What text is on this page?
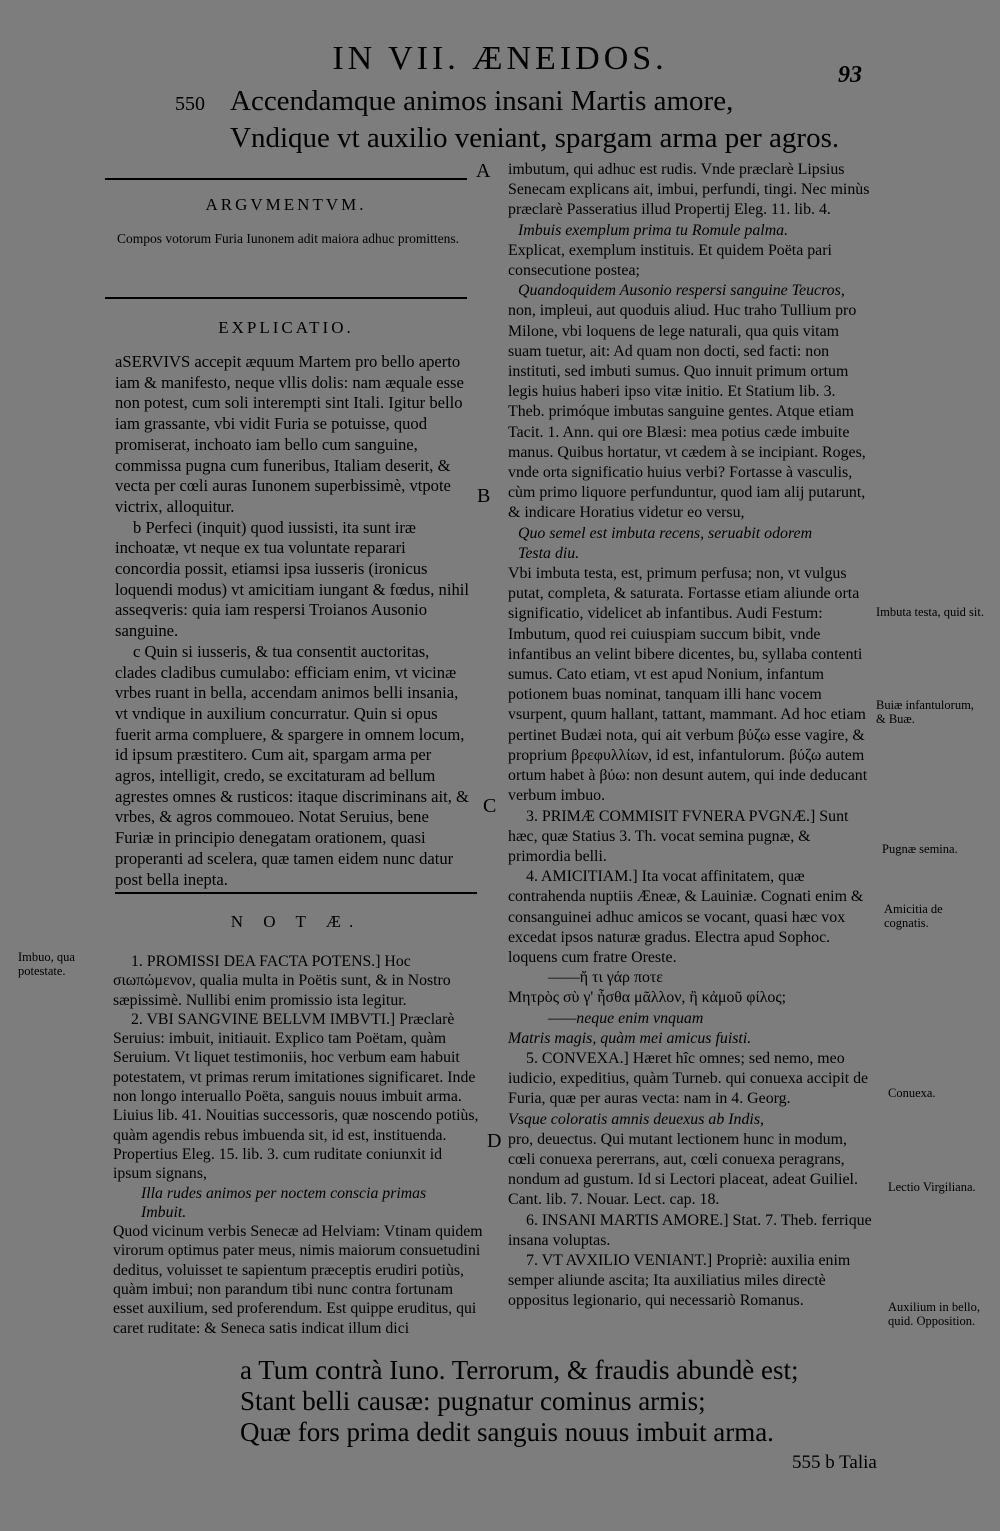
IN VII. ÆNEIDOS.	93
550 Accendamque animos insani Martis amore,
Vndique vt auxilio veniant, spargam arma per agros.
ARGVMENTVM.
Compos votorum Furia Iunonem adit maiora adhuc promittens.
EXPLICATIO.

aSERVIVS accepit æquum Martem pro bello aperto iam & manifesto, neque vllis dolis: nam æquale esse non potest, cum soli interempti sint Itali. Igitur bello iam grassante, vbi vidit Furia se potuisse, quod promiserat, inchoato iam bello cum sanguine, commissa pugna cum funeribus, Italiam deserit, & vecta per cœli auras Iunonem superbissimè, vtpote victrix, alloquitur.

b Perfeci (inquit) quod iussisti, ita sunt iræ inchoatæ, vt neque ex tua voluntate reparari concordia possit, etiamsi ipsa iusseris (ironicus loquendi modus) vt amicitiam iungant & fœdus, nihil asseqveris: quia iam respersi Troianos Ausonio sanguine.

c Quin si iusseris, & tua consentit auctoritas, clades cladibus cumulabo: efficiam enim, vt vicinæ vrbes ruant in bella, accendam animos belli insania, vt vndique in auxilium concurratur. Quin si opus fuerit arma compluere, & spargere in omnem locum, id ipsum præstitero. Cum ait, spargam arma per agros, intelligit, credo, se excitaturam ad bellum agrestes omnes & rusticos: itaque discriminans ait, & vrbes, & agros commoueo. Notat Seruius, bene Furiæ in principio denegatam orationem, quasi properanti ad scelera, quæ tamen eidem nunc datur post bella inepta.

N O T Æ.
Imbuo, qua potestate.

1. PROMISSI DEA FACTA POTENS.] Hoc σιωπώμενον, qualia multa in Poëtis sunt, & in Nostro sæpissimè. Nullibi enim promissio ista legitur.

2. VBI SANGVINE BELLVM IMBVTI.] Præclarè Seruius: imbuit, initiauit. Explico tam Poëtam, quàm Seruium. Vt liquet testimoniis, hoc verbum eam habuit potestatem, vt primas rerum imitationes significaret. Inde non longo interuallo Poëta, sanguis nouus imbuit arma. Liuius lib. 41. Nouitias successoris, quæ noscendo potiùs, quàm agendis rebus imbuenda sit, id est, instituenda. Propertius Eleg. 15. lib. 3. cum ruditate coniunxit id ipsum signans,

Illa rudes animos per noctem conscia primas

Imbuit.

Quod vicinum verbis Senecæ ad Helviam: Vtinam quidem virorum optimus pater meus, nimis maiorum consuetudini deditus, voluisset te sapientum præceptis erudiri potiùs, quàm imbui; non parandum tibi nunc contra fortunam esset auxilium, sed proferendum. Est quippe eruditus, qui caret ruditate: & Seneca satis indicat illum dici

A
B
C
D

imbutum, qui adhuc est rudis. Vnde præclarè Lipsius Senecam explicans ait, imbui, perfundi, tingi. Nec minùs præclarè Passeratius illud Propertij Eleg. 11. lib. 4.

Imbuis exemplum prima tu Romule palma.

Explicat, exemplum instituis. Et quidem Poëta pari consecutione postea;

Quandoquidem Ausonio respersi sanguine Teucros,

non, impleui, aut quoduis aliud. Huc traho Tullium pro Milone, vbi loquens de lege naturali, qua quis vitam suam tuetur, ait: Ad quam non docti, sed facti: non instituti, sed imbuti sumus. Quo innuit primum ortum legis huius haberi ipso vitæ initio. Et Statium lib. 3. Theb. primóque imbutas sanguine gentes. Atque etiam Tacit. 1. Ann. qui ore Blæsi: mea potius cæde imbuite manus. Quibus hortatur, vt cædem à se incipiant. Roges, vnde orta significatio huius verbi? Fortasse à vasculis, cùm primo liquore perfunduntur, quod iam alij putarunt, & indicare Horatius videtur eo versu,

Quo semel est imbuta recens, seruabit odorem

Testa diu.

Vbi imbuta testa, est, primum perfusa; non, vt vulgus putat, completa, & saturata. Fortasse etiam aliunde orta significatio, videlicet ab infantibus. Audi Festum: Imbutum, quod rei cuiuspiam succum bibit, vnde infantibus an velint bibere dicentes, bu, syllaba contenti sumus. Cato etiam, vt est apud Nonium, infantum potionem buas nominat, tanquam illi hanc vocem vsurpent, quum hallant, tattant, mammant. Ad hoc etiam pertinet Budæi nota, qui ait verbum βύζω esse vagire, & proprium βρεφυλλίων, id est, infantulorum. βύζω autem ortum habet à βύω: non desunt autem, qui inde deducant verbum imbuo.

3. PRIMÆ COMMISIT FVNERA PVGNÆ.] Sunt hæc, quæ Statius 3. Th. vocat semina pugnæ, & primordia belli.

4. AMICITIAM.] Ita vocat affinitatem, quæ contrahenda nuptiis Æneæ, & Lauiniæ. Cognati enim & consanguinei adhuc amicos se vocant, quasi hæc vox excedat ipsos naturæ gradus. Electra apud Sophoc. loquens cum fratre Oreste.

——ἤ τι γάρ ποτε

Μητρὸς σὺ γ' ἦσθα μᾶλλον, ἢ κἀμοῦ φίλος;

——neque enim vnquam

Matris magis, quàm mei amicus fuisti.

5. CONVEXA.] Hæret hîc omnes; sed nemo, meo iudicio, expeditius, quàm Turneb. qui conuexa accipit de Furia, quæ per auras vecta: nam in 4. Georg.

Vsque coloratis amnis deuexus ab Indis,

pro, deuectus. Qui mutant lectionem hunc in modum, cœli conuexa pererrans, aut, cœli conuexa peragrans, nondum ad gustum. Id si Lectori placeat, adeat Guiliel. Cant. lib. 7. Nouar. Lect. cap. 18.

6. INSANI MARTIS AMORE.] Stat. 7. Theb. ferrique insana voluptas.

7. VT AVXILIO VENIANT.] Propriè: auxilia enim semper aliunde ascita; Ita auxiliatius miles directè oppositus legionario, qui necessariò Romanus.

Imbuta testa, quid sit.
Buiæ infantulorum, & Buæ.
Pugnæ semina.
Amicitia de cognatis.
Conuexa.
Lectio Virgiliana.
Auxilium in bello, quid. Opposition.
a Tum contrà Iuno. Terrorum, & fraudis abundè est;
Stant belli causæ: pugnatur cominus armis;
Quæ fors prima dedit sanguis nouus imbuit arma.
555 b Talia
